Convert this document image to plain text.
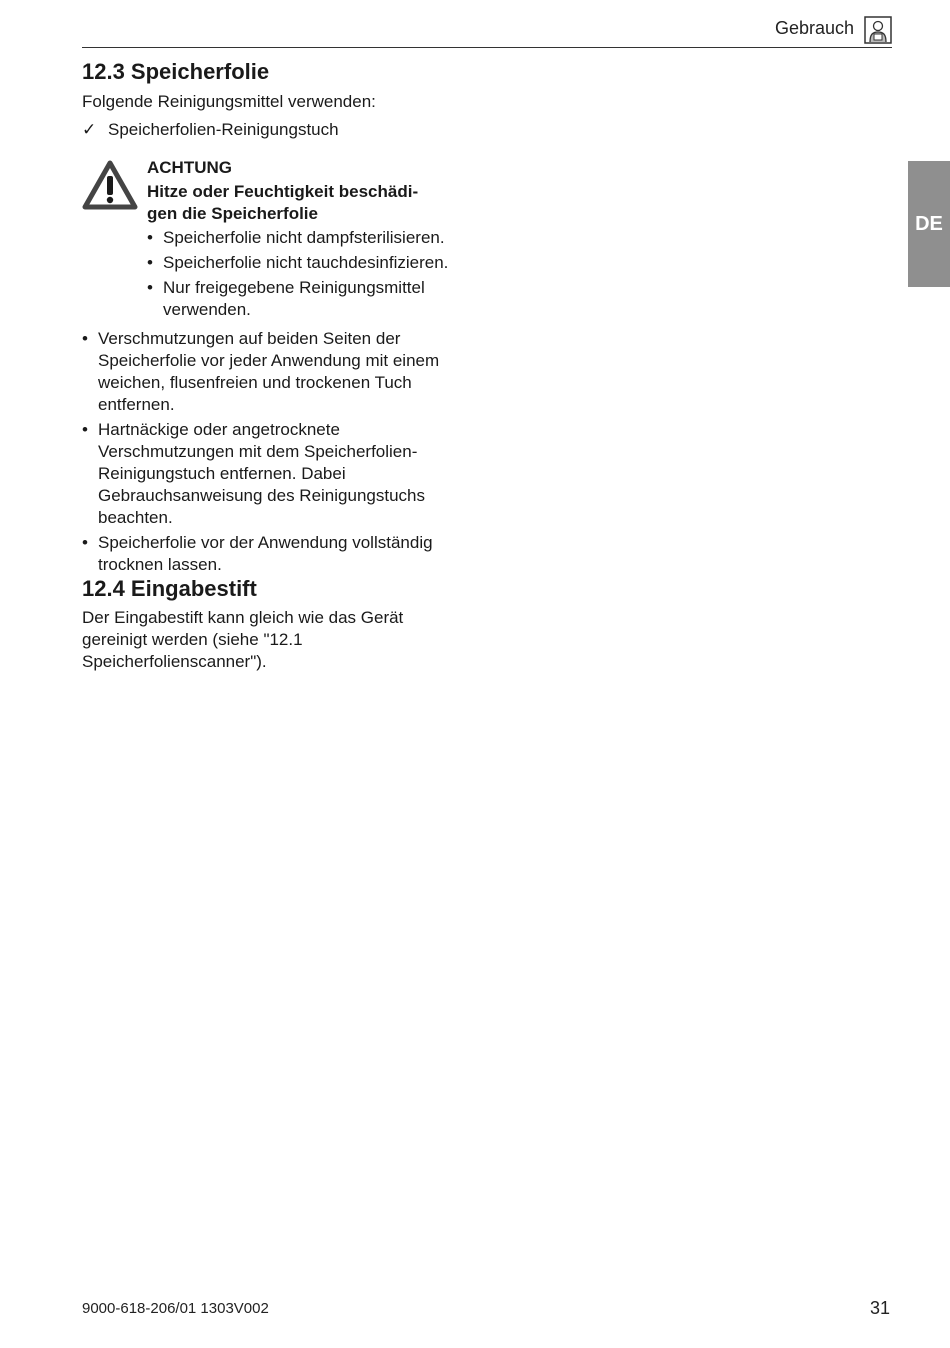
Gebrauch
DE
12.3 Speicherfolie

Folgende Reinigungsmittel verwenden:

✓ Speicherfolien-Reinigungstuch
ACHTUNG
Hitze oder Feuchtigkeit beschädi-
gen die Speicherfolie
• Speicherfolie nicht dampfsterilisieren.
• Speicherfolie nicht tauchdesinfizieren.
• Nur freigegebene Reinigungsmittel verwenden.
• Verschmutzungen auf beiden Seiten der Speicherfolie vor jeder Anwendung mit einem weichen, flusenfreien und trockenen Tuch entfernen.
• Hartnäckige oder angetrocknete Verschmutzungen mit dem Speicherfolien-Reinigungstuch entfernen. Dabei Gebrauchsanweisung des Reinigungstuchs beachten.
• Speicherfolie vor der Anwendung vollständig trocknen lassen.
12.4 Eingabestift

Der Eingabestift kann gleich wie das Gerät gereinigt werden (siehe "12.1 Speicherfolienscanner").

9000-618-206/01 1303V002	31
